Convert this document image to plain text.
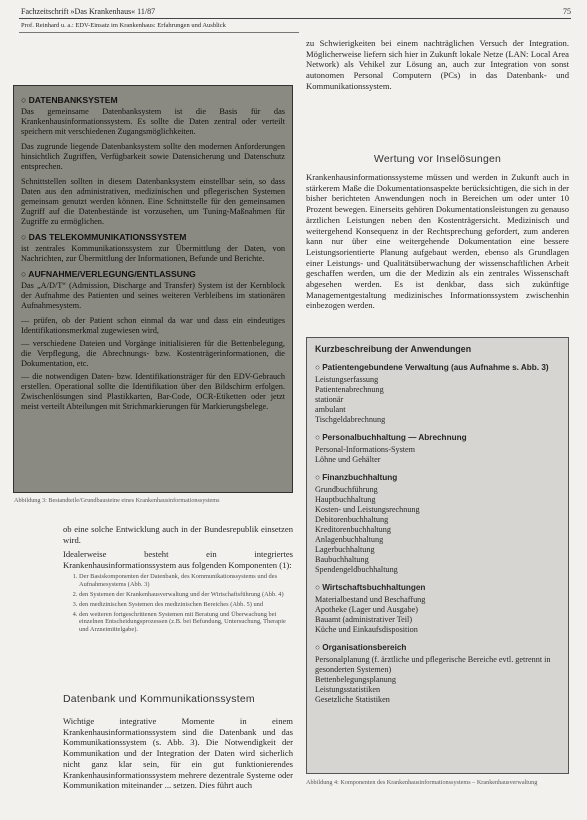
Fachzeitschrift »Das Krankenhaus« 11/87	75
Prof. Reinhard u. a.: EDV-Einsatz im Krankenhaus: Erfahrungen und Ausblick
○ DATENBANKSYSTEM

Das gemeinsame Datenbanksystem ist die Basis für das Krankenhausinformationssystem. Es sollte die Daten zentral oder verteilt speichern mit verschiedenen Zugangsmöglichkeiten.

Das zugrunde liegende Datenbanksystem sollte den modernen Anforderungen hinsichtlich Zugriffen, Verfügbarkeit sowie Datensicherung und Datenschutz entsprechen.

Schnittstellen sollten in diesem Datenbanksystem einstellbar sein, so dass Daten aus den administrativen, medizinischen und pflegerischen Systemen gemeinsam genutzt werden können. Eine Schnittstelle für den gemeinsamen Zugriff auf die Datenbestände ist vorzusehen, um Tuning-Maßnahmen für Zugriffe zu ermöglichen.

○ DAS TELEKOMMUNIKATIONSSYSTEM

ist zentrales Kommunikationssystem zur Übermittlung der Daten, von Nachrichten, zur Übermittlung der Informationen, Befunde und Berichte.

○ AUFNAHME/VERLEGUNG/ENTLASSUNG

Das „A/D/T“ (Admission, Discharge and Transfer) System ist der Kernblock der Aufnahme des Patienten und seines weiteren Verbleibens im stationären Aufnahmesystem.

— prüfen, ob der Patient schon einmal da war und dass ein eindeutiges Identifikationsmerkmal zugewiesen wird,

— verschiedene Dateien und Vorgänge initialisieren für die Bettenbelegung, die Verpflegung, die Abrechnungs- bzw. Kostenträgerinformationen, die Dokumentation, etc.

— die notwendigen Daten- bzw. Identifikationsträger für den EDV-Gebrauch erstellen. Operational sollte die Identifikation über den Bildschirm erfolgen. Zwischenlösungen sind Plastikkarten, Bar-Code, OCR-Etiketten oder jetzt meist verteilt Abteilungen mit Strichmarkierungen für Markierungsbelege.

Abbildung 3: Bestandteile/Grundbausteine eines Krankenhausinformationssystems

ob eine solche Entwicklung auch in der Bundesrepublik einsetzen wird.

Idealerweise besteht ein integriertes Krankenhausinformationssystem aus folgenden Komponenten (1):

1. Der Basiskomponenten der Datenbank, des Kommunikationssystems und des Aufnahmesystems (Abb. 3)
2. den Systemen der Krankenhausverwaltung und der Wirtschaftsführung (Abb. 4)
3. den medizinischen Systemen des medizinischen Bereiches (Abb. 5) und
4. den weiteren fortgeschrittenen Systemen mit Beratung und Überwachung bei einzelnen Entscheidungsprozessen (z.B. bei Befundung, Untersuchung, Therapie und Arzneimittelgabe).
Datenbank und Kommunikationssystem

Wichtige integrative Momente in einem Krankenhausinformationssystem sind die Datenbank und das Kommunikationssystem (s. Abb. 3). Die Notwendigkeit der Kommunikation und der Integration der Daten wird sicherlich nicht ganz klar sein, für ein gut funktionierendes Krankenhausinformationssystem mehrere dezentrale Systeme oder Kommunikation miteinander ... setzen. Dies führt auch

zu Schwierigkeiten bei einem nachträglichen Versuch der Integration. Möglicherweise liefern sich hier in Zukunft lokale Netze (LAN: Local Area Network) als Vehikel zur Lösung an, auch zur Integration von sonst autonomen Personal Computern (PCs) in das Datenbank- und Kommunikationssystem.

Wertung vor Inselösungen

Krankenhausinformationssysteme müssen und werden in Zukunft auch in stärkerem Maße die Dokumentationsaspekte berücksichtigen, die sich in der bisher berichteten Anwendungen noch in Bereichen um oder unter 10 Prozent bewegen. Einerseits gehören Dokumentationsleistungen zu genauso ärztlichen Leistungen neben den Kostenträgersicht. Medizinisch und weitergehend Konsequenz in der Rechtsprechung gefordert, zum anderen kann nur über eine weitergehende Dokumentation eine bessere Leistungsorientierte Planung aufgebaut werden, ebenso als Grundlagen einer Leistungs- und Qualitätsüberwachung der wissenschaftlichen Arbeit geschaffen werden, um die der Medizin als ein zentrales Wissenschaft abgesehen werden. Es ist denkbar, dass sich zukünftige Managementgestaltung medizinisches Informationssystem zwischenhin einbezogen werden.

Kurzbeschreibung der Anwendungen
○ Patientengebundene Verwaltung (aus Aufnahme s. Abb. 3)

Leistungserfassung

Patientenabrechnung

stationär

ambulant

Tischgeldabrechnung

○ Personalbuchhaltung — Abrechnung

Personal-Informations-System

Löhne und Gehälter

○ Finanzbuchhaltung

Grundbuchführung

Hauptbuchhaltung

Kosten- und Leistungsrechnung

Debitorenbuchhaltung

Kreditorenbuchhaltung

Anlagenbuchhaltung

Lagerbuchhaltung

Baubuchhaltung

Spendengeldbuchhaltung

○ Wirtschaftsbuchhaltungen

Materialbestand und Beschaffung

Apotheke (Lager und Ausgabe)

Bauamt (administrativer Teil)

Küche und Einkaufsdisposition

○ Organisationsbereich

Personalplanung (f. ärztliche und pflegerische Bereiche evtl. getrennt in gesonderten Systemen)

Bettenbelegungsplanung

Leistungsstatistiken

Gesetzliche Statistiken

Abbildung 4: Komponenten des Krankenhausinformationssystems – Krankenhausverwaltung
